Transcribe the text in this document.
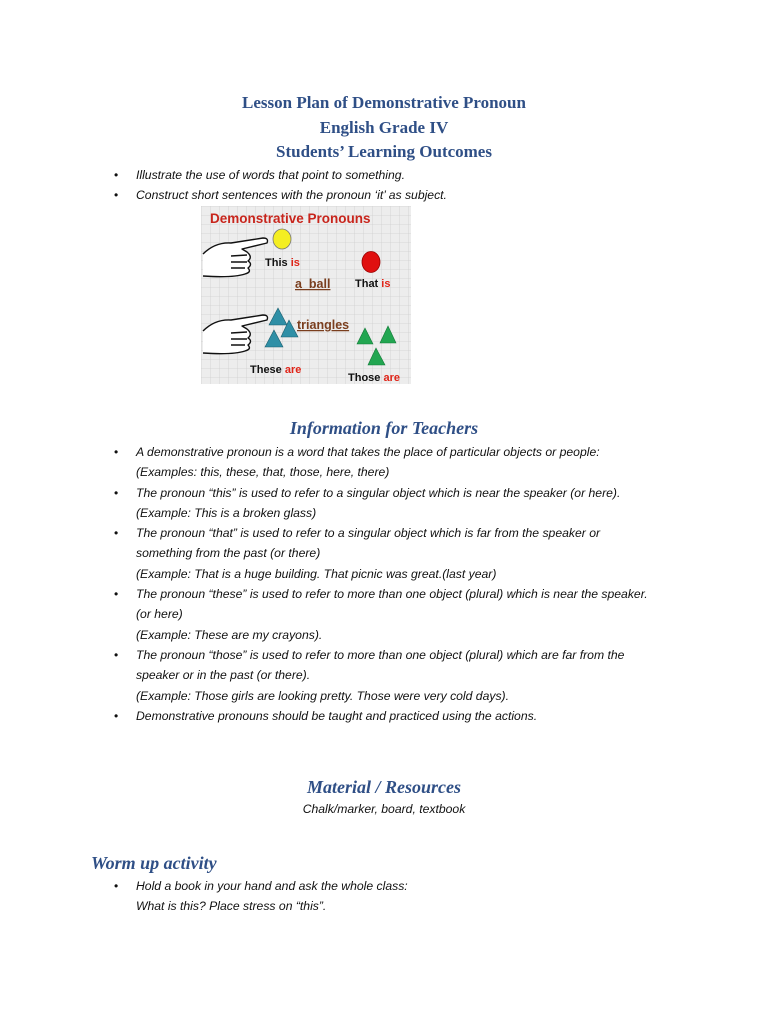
Lesson Plan of Demonstrative Pronoun
English Grade IV
Students’ Learning Outcomes
• Illustrate the use of words that point to something.
• Construct short sentences with the pronoun ‘it’ as subject.
Demonstrative Pronouns
This is
a  ball That is
triangles
These are
Those are
Information for Teachers
• A demonstrative pronoun is a word that takes the place of particular objects or people:
(Examples: this, these, that, those, here, there)
• The pronoun “this” is used to refer to a singular object which is near the speaker (or here).
(Example: This is a broken glass)
• The pronoun “that” is used to refer to a singular object which is far from the speaker or
something from the past (or there)
(Example: That is a huge building. That picnic was great.(last year)
• The pronoun “these” is used to refer to more than one object (plural) which is near the speaker.
(or here)
(Example: These are my crayons).
• The pronoun “those” is used to refer to more than one object (plural) which are far from the
speaker or in the past (or there).
(Example: Those girls are looking pretty. Those were very cold days).
• Demonstrative pronouns should be taught and practiced using the actions.
Material / Resources

Chalk/marker, board, textbook

Worm up activity
• Hold a book in your hand and ask the whole class:
What is this? Place stress on “this”.
